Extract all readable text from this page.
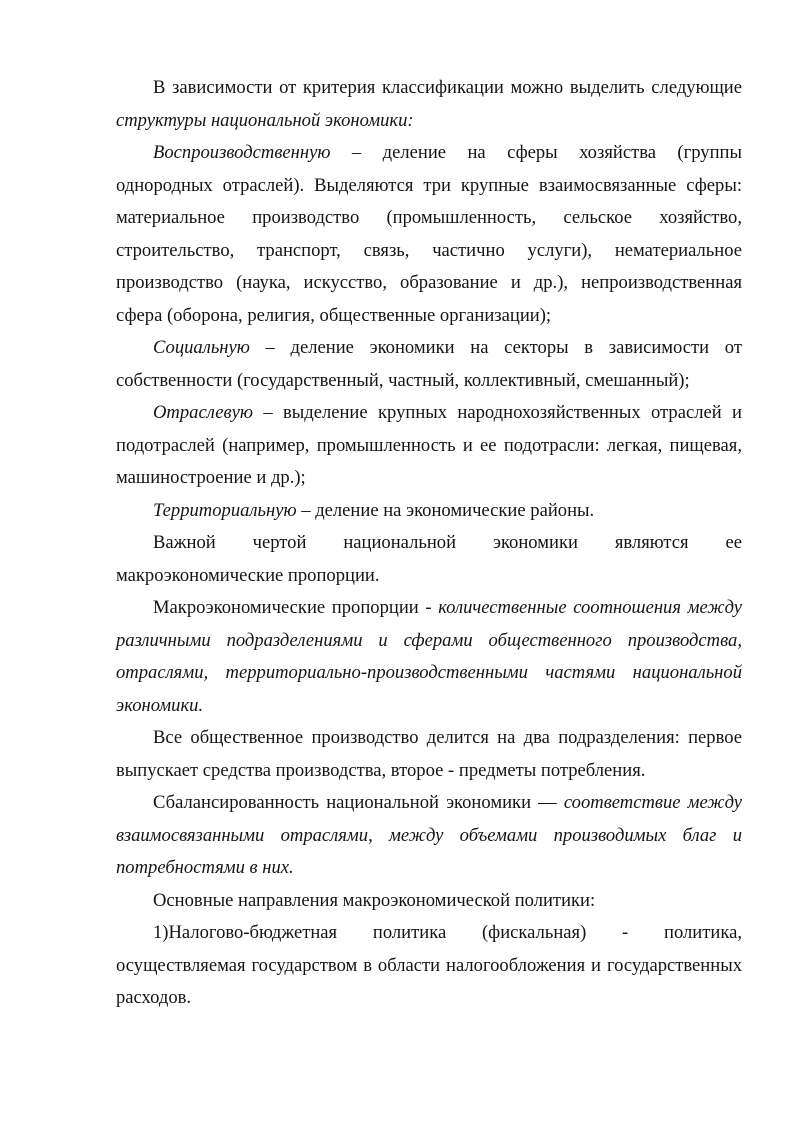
В зависимости от критерия классификации можно выделить следующие структуры национальной экономики:

Воспроизводственную – деление на сферы хозяйства (группы однородных отраслей). Выделяются три крупные взаимосвязанные сферы: материальное производство (промышленность, сельское хозяйство, строительство, транспорт, связь, частично услуги), нематериальное производство (наука, искусство, образование и др.), непроизводственная сфера (оборона, религия, общественные организации);

Социальную – деление экономики на секторы в зависимости от собственности (государственный, частный, коллективный, смешанный);

Отраслевую – выделение крупных народнохозяйственных отраслей и подотраслей (например, промышленность и ее подотрасли: легкая, пищевая, машиностроение и др.);

Территориальную – деление на экономические районы.

Важной чертой национальной экономики являются ее макроэкономические пропорции.

Макроэкономические пропорции - количественные соотношения между различными подразделениями и сферами общественного производства, отраслями, территориально-производственными частями национальной экономики.

Все общественное производство делится на два подразделения: первое выпускает средства производства, второе - предметы потребления.

Сбалансированность национальной экономики — соответствие между взаимосвязанными отраслями, между объемами производимых благ и потребностями в них.

Основные направления макроэкономической политики:

1)Налогово-бюджетная политика (фискальная) - политика, осуществляемая государством в области налогообложения и государственных расходов.
